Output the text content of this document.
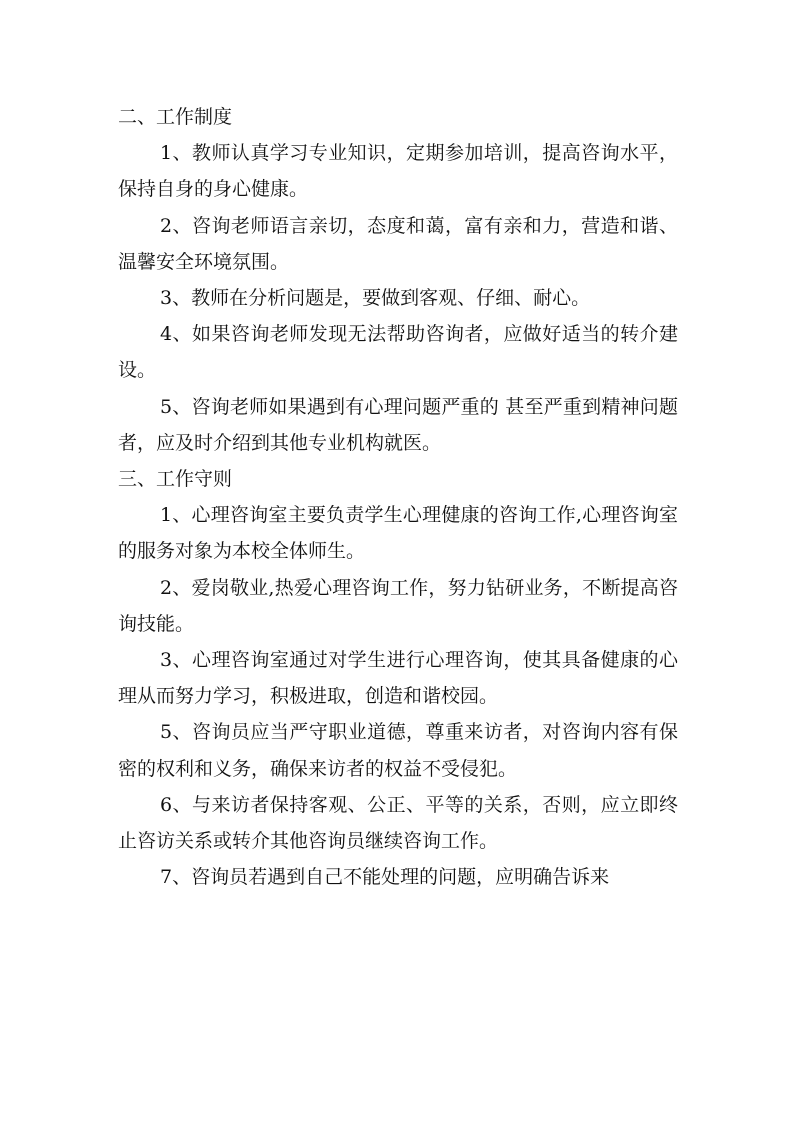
二、工作制度

1、教师认真学习专业知识，定期参加培训，提高咨询水平，保持自身的身心健康。

2、咨询老师语言亲切，态度和蔼，富有亲和力，营造和谐、温馨安全环境氛围。

3、教师在分析问题是，要做到客观、仔细、耐心。

4、如果咨询老师发现无法帮助咨询者，应做好适当的转介建设。

5、咨询老师如果遇到有心理问题严重的 甚至严重到精神问题者，应及时介绍到其他专业机构就医。

三、工作守则

1、心理咨询室主要负责学生心理健康的咨询工作,心理咨询室的服务对象为本校全体师生。

2、爱岗敬业,热爱心理咨询工作，努力钻研业务，不断提高咨询技能。

3、心理咨询室通过对学生进行心理咨询，使其具备健康的心理从而努力学习，积极进取，创造和谐校园。

5、咨询员应当严守职业道德，尊重来访者，对咨询内容有保密的权利和义务，确保来访者的权益不受侵犯。

6、与来访者保持客观、公正、平等的关系，否则，应立即终止咨访关系或转介其他咨询员继续咨询工作。

7、咨询员若遇到自己不能处理的问题，应明确告诉来
